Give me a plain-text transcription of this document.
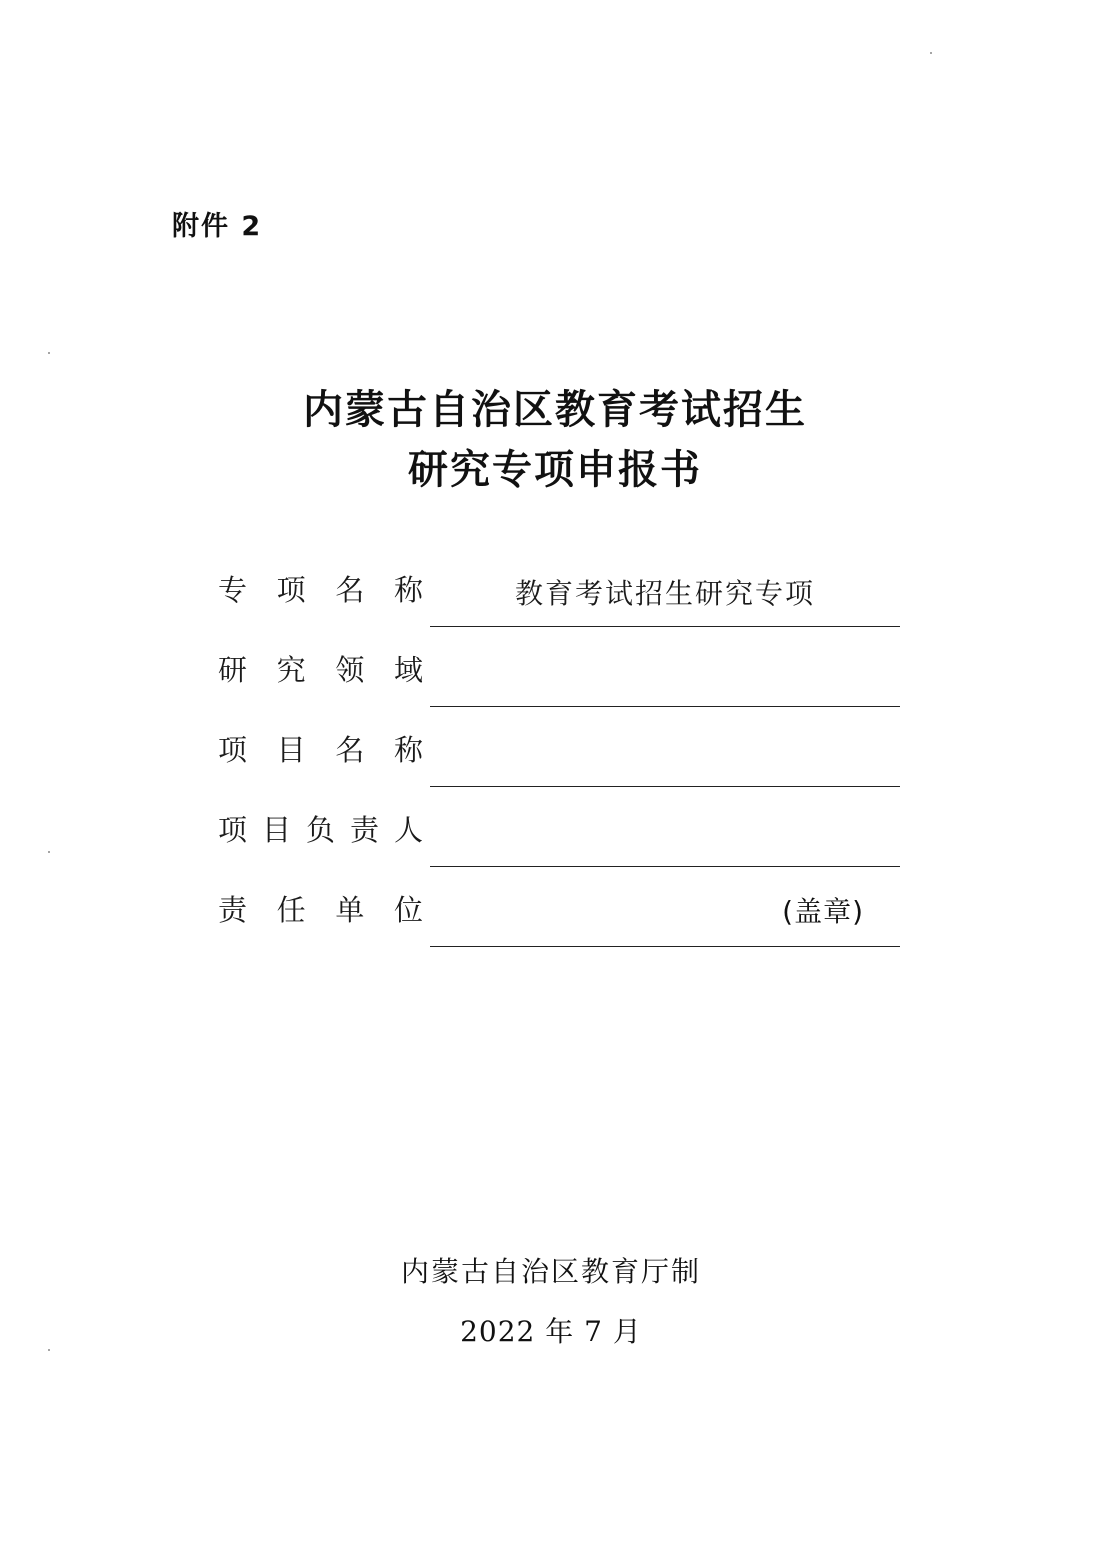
附件 2
内蒙古自治区教育考试招生
研究专项申报书
专 项 名 称	教育考试招生研究专项
研 究 领 域
项 目 名 称
项 目 负 责 人
责 任 单 位	(盖章)
内蒙古自治区教育厅制
2022 年 7 月
